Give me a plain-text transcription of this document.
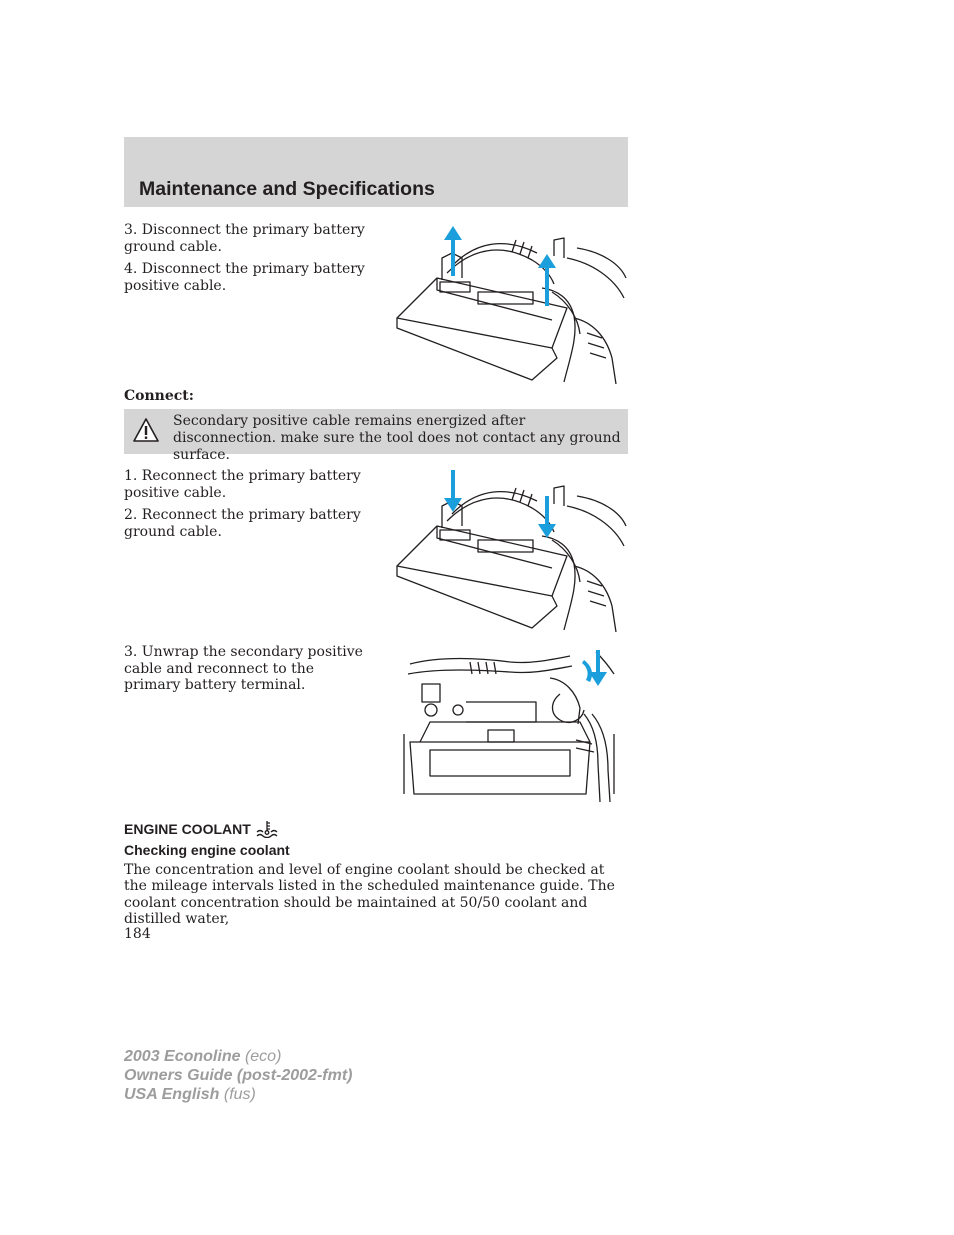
Maintenance and Specifications

3. Disconnect the primary battery ground cable.

4. Disconnect the primary battery positive cable.

Connect:

Secondary positive cable remains energized after disconnection. make sure the tool does not contact any ground surface.

1. Reconnect the primary battery positive cable.

2. Reconnect the primary battery ground cable.

3. Unwrap the secondary positive cable and reconnect to the primary battery terminal.

ENGINE COOLANT
Checking engine coolant

The concentration and level of engine coolant should be checked at the mileage intervals listed in the scheduled maintenance guide. The coolant concentration should be maintained at 50/50 coolant and distilled water,

184

2003 Econoline (eco)
Owners Guide (post-2002-fmt)
USA English (fus)
